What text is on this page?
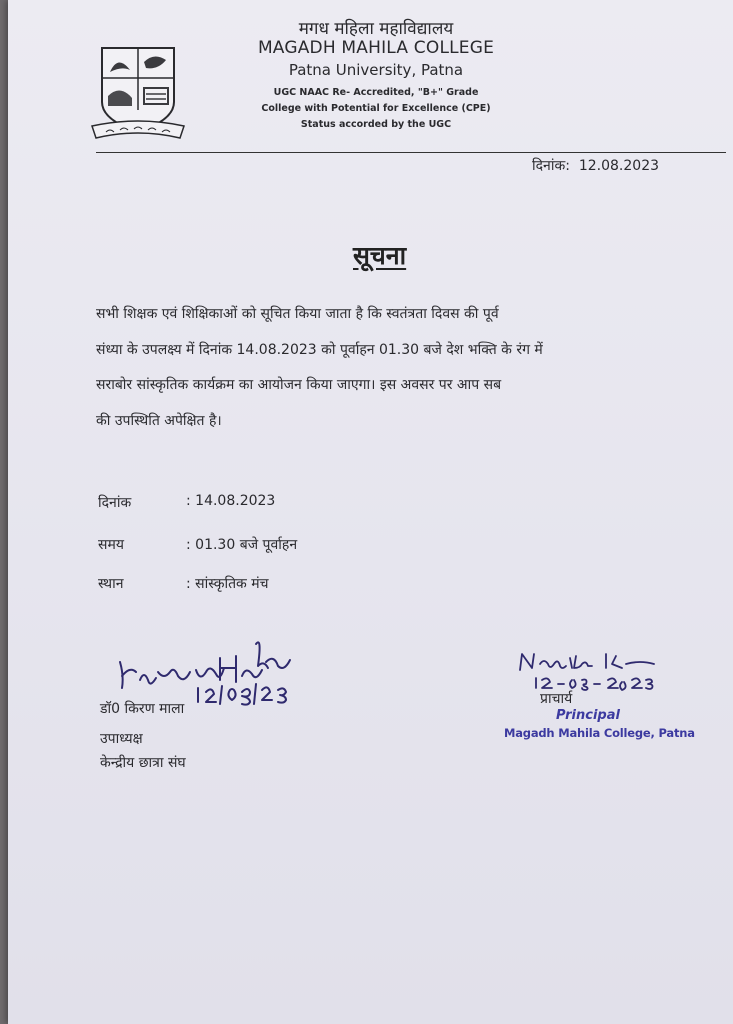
मगध महिला महाविद्यालय
MAGADH MAHILA COLLEGE
Patna University, Patna
UGC NAAC Re- Accredited, "B+" Grade
College with Potential for Excellence (CPE)
Status accorded by the UGC
दिनांक: 12.08.2023
सूचना
सभी शिक्षक एवं शिक्षिकाओं को सूचित किया जाता है कि स्वतंत्रता दिवस की पूर्व
संध्या के उपलक्ष्य में दिनांक 14.08.2023 को पूर्वाहन 01.30 बजे देश भक्ति के रंग में
सराबोर सांस्कृतिक कार्यक्रम का आयोजन किया जाएगा। इस अवसर पर आप सब
की उपस्थिति अपेक्षित है।
दिनांक	: 14.08.2023
समय	: 01.30 बजे पूर्वाहन
स्थान	: सांस्कृतिक मंच
डॉ0 किरण माला
उपाध्यक्ष
केन्द्रीय छात्रा संघ
प्राचार्य
Principal
Magadh Mahila College, Patna
